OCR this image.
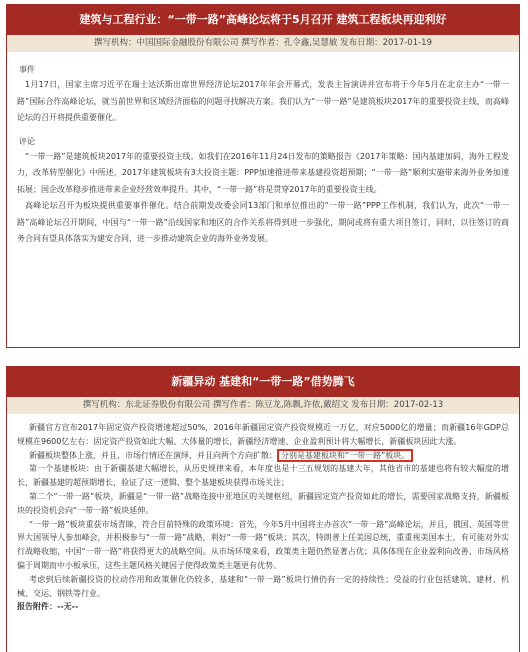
建筑与工程行业：“一带一路”高峰论坛将于5月召开 建筑工程板块再迎利好
撰写机构：中国国际金融股份有限公司 撰写作者：孔令鑫,吴慧敏 发布日期：2017-01-19
事件
1月17日，国家主席习近平在瑞士达沃斯出席世界经济论坛2017年年会开幕式，发表主旨演讲并宣布将于今年5月在北京主办“一带一路”国际合作高峰论坛，就当前世界和区域经济面临的问题寻找解决方案。我们认为“一带一路”是建筑板块2017年的重要投资主线，而高峰论坛的召开将提供重要催化。
评论
“一带一路”是建筑板块2017年的重要投资主线。如我们在2016年11月24日发布的策略报告《2017年策略：国内基建加码，海外工程发力，改革转型催化》中所述，2017年建筑板块有3大投资主题：PPP加速推进带来基建投资超预期；“一带一路”顺利实施带来海外业务加速拓展；国企改革稳步推进带来企业经营效率提升。其中，“一带一路”将是贯穿2017年的重要投资主线。
高峰论坛召开为板块提供重要事件催化。结合前期发改委会同13部门和单位推出的“一带一路”PPP工作机制，我们认为，此次“一带一路”高峰论坛召开期间，中国与“一带一路”沿线国家和地区的合作关系将得到进一步强化，期间或将有重大项目签订，同时，以往签订的商务合同有望具体落实为建安合同，进一步推动建筑企业的海外业务发展。
新疆异动 基建和“一带一路”借势腾飞
撰写机构：东北证券股份有限公司 撰写作者：陈豆龙,陈飘,许侬,戴绍文 发布日期：2017-02-13
新疆官方宣布2017年固定资产投资增速超过50%，2016年新疆固定资产投资规模近一万亿，对应5000亿的增量；而新疆16年GDP总规模在9600亿左右：固定资产投资如此大幅、大体量的增长，新疆经济增速、企业盈利预计将大幅增长，新疆板块因此大涨。
新疆板块整体上涨，并且，市场行情还在演绎，并且向两个方向扩散： 分别是基建板块和“一带一路”板块。
第一个基建板块：由于新疆基建大幅增长，从历史规律来看，本年度也是十三五规划的基建大年，其他省市的基建也将有较大幅度的增长，新疆基建的超预期增长，验证了这一逻辑，整个基建板块获得市场关注；
第二个“一带一路”板块，新疆是“一带一路”战略连接中亚地区的关键枢纽，新疆固定资产投资如此的增长，需要国家战略支持，新疆板块的投资机会向“一带一路”板块延伸。
“一带一路”板块重获市场青睐，符合目前特殊的政策环境：首先，今年5月中国将主办首次“一带一路”高峰论坛，并且，俄国、英国等世界大国领导人参加峰会，并积极参与“一带一路”战略，利好“一带一路”板块；其次，特朗普上任美国总统，重重视美国本土，有可能对外实行战略收缩，中国“一带一路”将获得更大的战略空间。从市场环境来看，政策类主题仍然显著占优；具体体现在企业盈利向改善、市场风格偏于周期而中小板承压，这些主题风格关键因子使得政策类主题更有优势。
考虑到后续新疆投资的拉动作用和政策催化仍较多，基建和“一带一路”板块行情仍有一定的持续性；受益的行业包括建筑、建材、机械、交运、钢铁等行业。
报告附件：--无--
